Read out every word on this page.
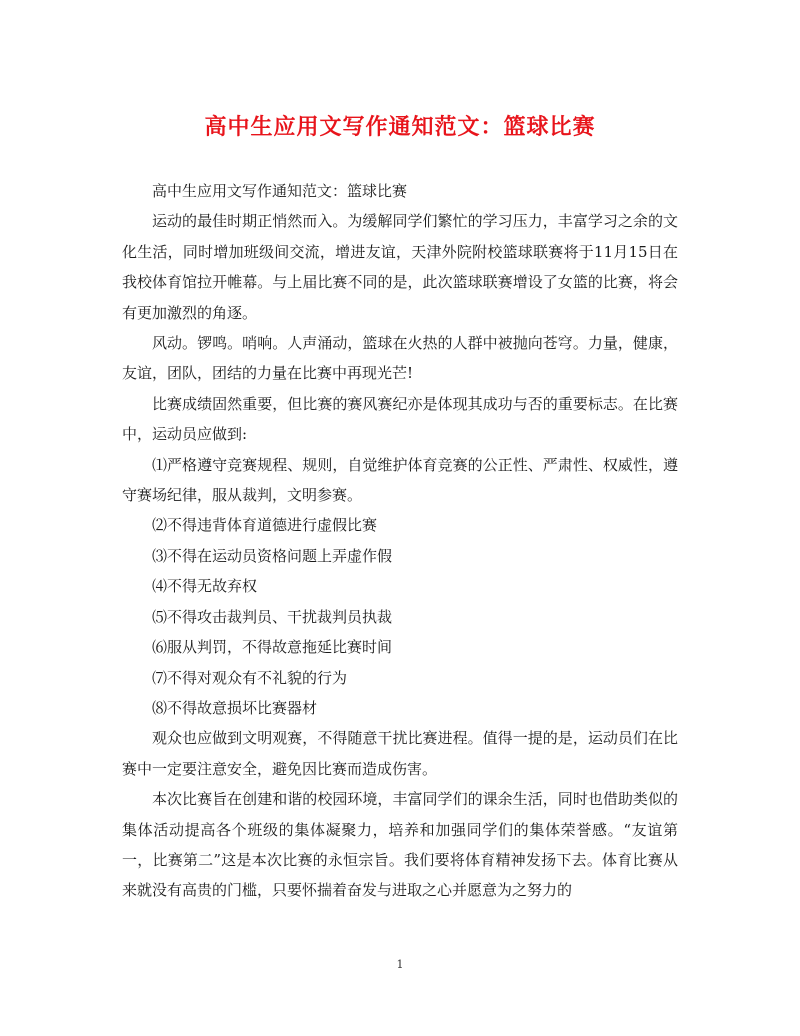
高中生应用文写作通知范文：篮球比赛

高中生应用文写作通知范文：篮球比赛

运动的最佳时期正悄然而入。为缓解同学们繁忙的学习压力，丰富学习之余的文化生活，同时增加班级间交流，增进友谊，天津外院附校篮球联赛将于11月15日在我校体育馆拉开帷幕。与上届比赛不同的是，此次篮球联赛增设了女篮的比赛，将会有更加激烈的角逐。

风动。锣鸣。哨响。人声涌动，篮球在火热的人群中被抛向苍穹。力量，健康，友谊，团队，团结的力量在比赛中再现光芒!

比赛成绩固然重要，但比赛的赛风赛纪亦是体现其成功与否的重要标志。在比赛中，运动员应做到:

⑴严格遵守竞赛规程、规则，自觉维护体育竞赛的公正性、严肃性、权威性，遵守赛场纪律，服从裁判，文明参赛。

⑵不得违背体育道德进行虚假比赛

⑶不得在运动员资格问题上弄虚作假

⑷不得无故弃权

⑸不得攻击裁判员、干扰裁判员执裁

⑹服从判罚，不得故意拖延比赛时间

⑺不得对观众有不礼貌的行为

⑻不得故意损坏比赛器材

观众也应做到文明观赛，不得随意干扰比赛进程。值得一提的是，运动员们在比赛中一定要注意安全，避免因比赛而造成伤害。

本次比赛旨在创建和谐的校园环境，丰富同学们的课余生活，同时也借助类似的集体活动提高各个班级的集体凝聚力，培养和加强同学们的集体荣誉感。“友谊第一，比赛第二”这是本次比赛的永恒宗旨。我们要将体育精神发扬下去。体育比赛从来就没有高贵的门槛，只要怀揣着奋发与进取之心并愿意为之努力的

1
